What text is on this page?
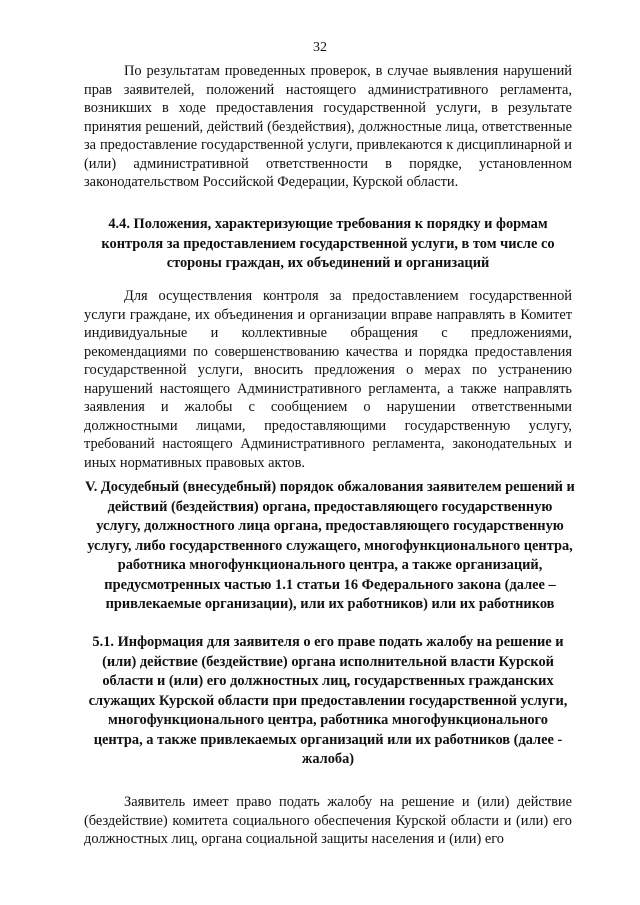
32

По результатам проведенных проверок, в случае выявления нарушений прав заявителей, положений настоящего административного регламента, возникших в ходе предоставления государственной услуги, в результате принятия решений, действий (бездействия), должностные лица, ответственные за предоставление государственной услуги, привлекаются к дисциплинарной и (или) административной ответственности в порядке, установленном законодательством Российской Федерации, Курской области.

4.4. Положения, характеризующие требования к порядку и формам контроля за предоставлением государственной услуги, в том числе со стороны граждан, их объединений и организаций

Для осуществления контроля за предоставлением государственной услуги граждане, их объединения и организации вправе направлять в Комитет индивидуальные и коллективные обращения с предложениями, рекомендациями по совершенствованию качества и порядка предоставления государственной услуги, вносить предложения о мерах по устранению нарушений настоящего Административного регламента, а также направлять заявления и жалобы с сообщением о нарушении ответственными должностными лицами, предоставляющими государственную услугу, требований настоящего Административного регламента, законодательных и иных нормативных правовых актов.

V. Досудебный (внесудебный) порядок обжалования заявителем решений и действий (бездействия) органа, предоставляющего государственную услугу, должностного лица органа, предоставляющего государственную услугу, либо государственного служащего, многофункционального центра, работника многофункционального центра, а также организаций, предусмотренных частью 1.1 статьи 16 Федерального закона (далее – привлекаемые организации), или их работников) или их работников

5.1. Информация для заявителя о его праве подать жалобу на решение и (или) действие (бездействие) органа исполнительной власти Курской области и (или) его должностных лиц, государственных гражданских служащих Курской области при предоставлении государственной услуги, многофункционального центра, работника многофункционального центра, а также привлекаемых организаций или их работников (далее - жалоба)

Заявитель имеет право подать жалобу на решение и (или) действие (бездействие) комитета социального обеспечения Курской области и (или) его должностных лиц, органа социальной защиты населения и (или) его
